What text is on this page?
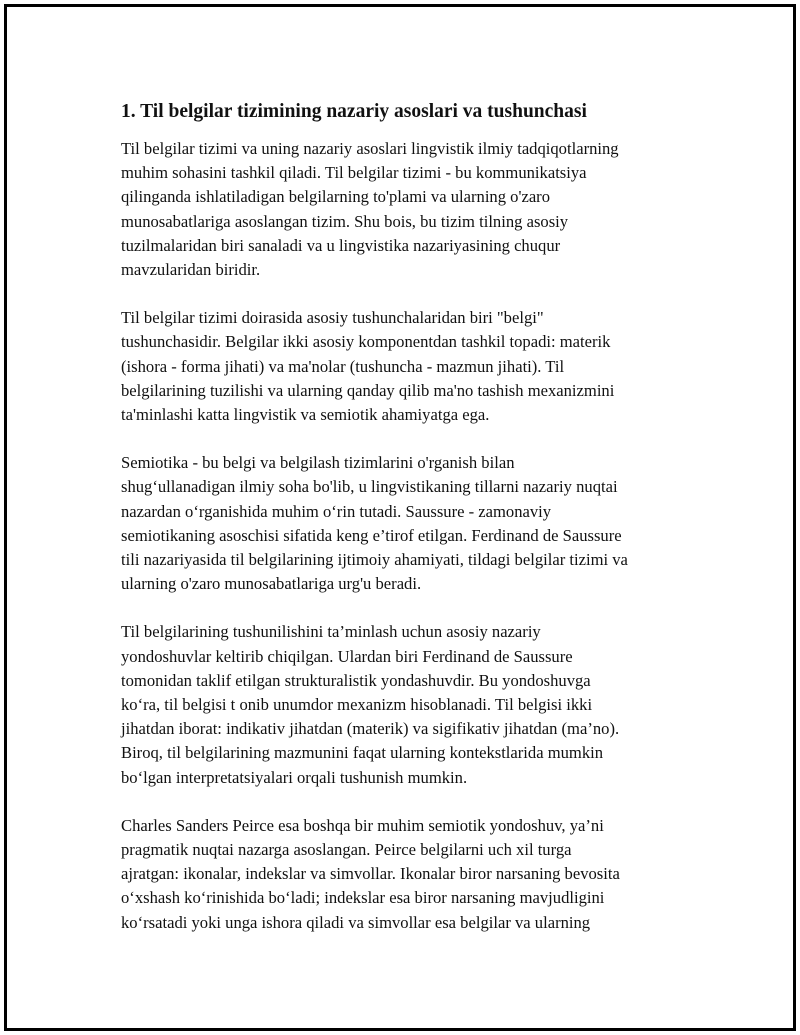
1. Til belgilar tizimining nazariy asoslari va tushunchasi

Til belgilar tizimi va uning nazariy asoslari lingvistik ilmiy tadqiqotlarning
muhim sohasini tashkil qiladi. Til belgilar tizimi - bu kommunikatsiya
qilinganda ishlatiladigan belgilarning to'plami va ularning o'zaro
munosabatlariga asoslangan tizim. Shu bois, bu tizim tilning asosiy
tuzilmalaridan biri sanaladi va u lingvistika nazariyasining chuqur
mavzularidan biridir.

Til belgilar tizimi doirasida asosiy tushunchalaridan biri "belgi"
tushunchasidir. Belgilar ikki asosiy komponentdan tashkil topadi: materik
(ishora - forma jihati) va ma'nolar (tushuncha - mazmun jihati). Til
belgilarining tuzilishi va ularning qanday qilib ma'no tashish mexanizmini
ta'minlashi katta lingvistik va semiotik ahamiyatga ega.

Semiotika - bu belgi va belgilash tizimlarini o'rganish bilan
shug‘ullanadigan ilmiy soha bo'lib, u lingvistikaning tillarni nazariy nuqtai
nazardan o‘rganishida muhim o‘rin tutadi. Saussure - zamonaviy
semiotikaning asoschisi sifatida keng e’tirof etilgan. Ferdinand de Saussure
tili nazariyasida til belgilarining ijtimoiy ahamiyati, tildagi belgilar tizimi va
ularning o'zaro munosabatlariga urg'u beradi.

Til belgilarining tushunilishini ta’minlash uchun asosiy nazariy
yondoshuvlar keltirib chiqilgan. Ulardan biri Ferdinand de Saussure
tomonidan taklif etilgan strukturalistik yondashuvdir. Bu yondoshuvga
ko‘ra, til belgisi t onib unumdor mexanizm hisoblanadi. Til belgisi ikki
jihatdan iborat: indikativ jihatdan (materik) va sigifikativ jihatdan (ma’no).
Biroq, til belgilarining mazmunini faqat ularning kontekstlarida mumkin
bo‘lgan interpretatsiyalari orqali tushunish mumkin.

Charles Sanders Peirce esa boshqa bir muhim semiotik yondoshuv, ya’ni
pragmatik nuqtai nazarga asoslangan. Peirce belgilarni uch xil turga
ajratgan: ikonalar, indekslar va simvollar. Ikonalar biror narsaning bevosita
o‘xshash ko‘rinishida bo‘ladi; indekslar esa biror narsaning mavjudligini
ko‘rsatadi yoki unga ishora qiladi va simvollar esa belgilar va ularning
